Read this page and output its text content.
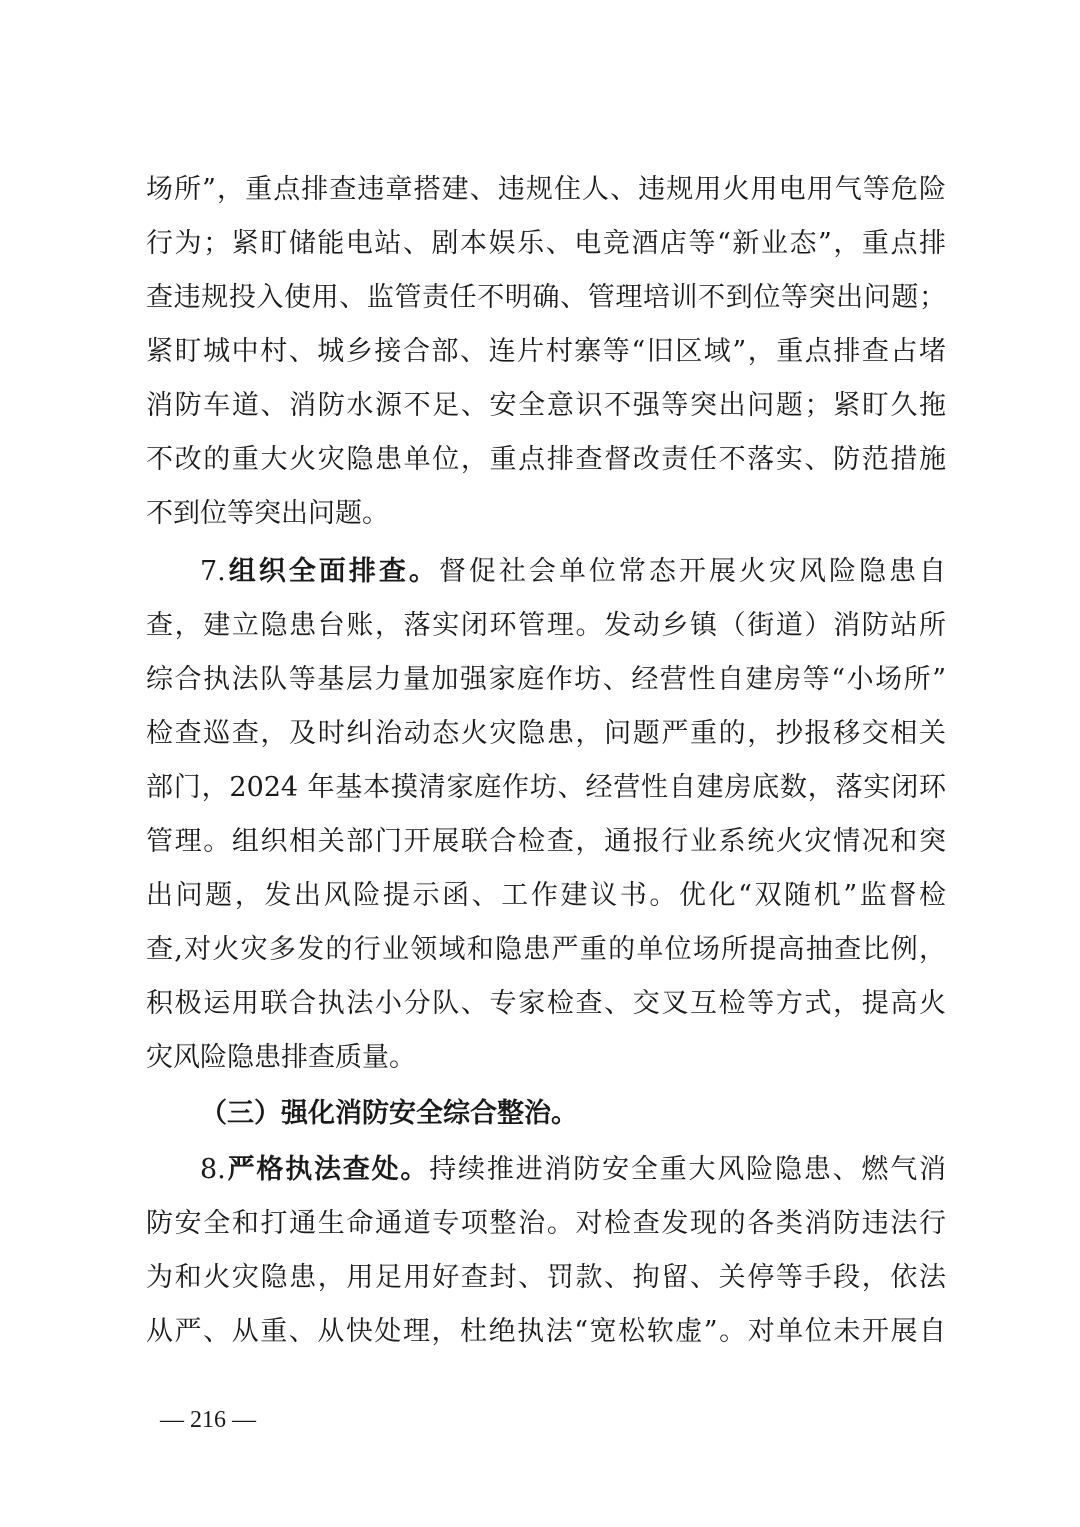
场所”，重点排查违章搭建、违规住人、违规用火用电用气等危险
行为；紧盯储能电站、剧本娱乐、电竞酒店等“新业态”，重点排
查违规投入使用、监管责任不明确、管理培训不到位等突出问题；
紧盯城中村、城乡接合部、连片村寨等“旧区域”，重点排查占堵
消防车道、消防水源不足、安全意识不强等突出问题；紧盯久拖
不改的重大火灾隐患单位，重点排查督改责任不落实、防范措施
不到位等突出问题。
7.组织全面排查。督促社会单位常态开展火灾风险隐患自
查，建立隐患台账，落实闭环管理。发动乡镇（街道）消防站所
综合执法队等基层力量加强家庭作坊、经营性自建房等“小场所”
检查巡查，及时纠治动态火灾隐患，问题严重的，抄报移交相关
部门，2024 年基本摸清家庭作坊、经营性自建房底数，落实闭环
管理。组织相关部门开展联合检查，通报行业系统火灾情况和突
出问题，发出风险提示函、工作建议书。优化“双随机”监督检
查,对火灾多发的行业领域和隐患严重的单位场所提高抽查比例，
积极运用联合执法小分队、专家检查、交叉互检等方式，提高火
灾风险隐患排查质量。
（三）强化消防安全综合整治。
8.严格执法查处。持续推进消防安全重大风险隐患、燃气消
防安全和打通生命通道专项整治。对检查发现的各类消防违法行
为和火灾隐患，用足用好查封、罚款、拘留、关停等手段，依法
从严、从重、从快处理，杜绝执法“宽松软虚”。对单位未开展自
— 216 —
